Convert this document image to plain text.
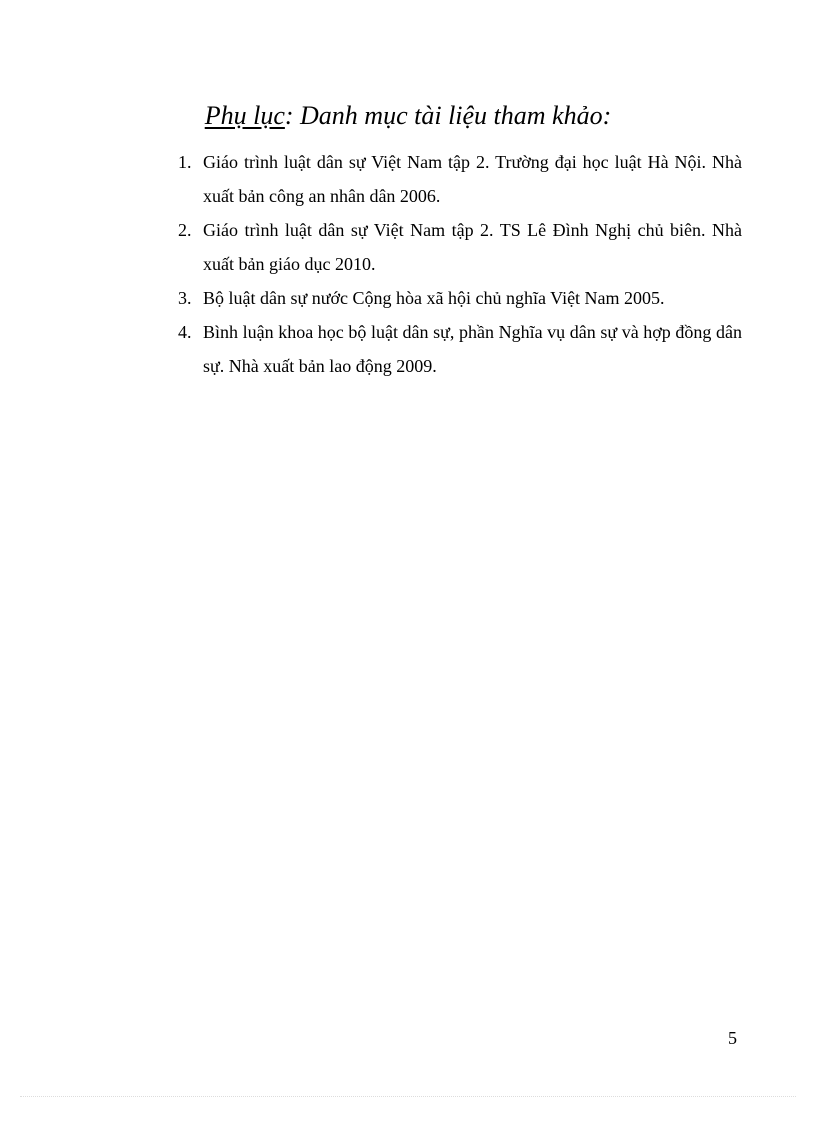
Phụ lục: Danh mục tài liệu tham khảo:
1. Giáo trình luật dân sự Việt Nam tập 2. Trường đại học luật Hà Nội. Nhà xuất bản công an nhân dân 2006.
2. Giáo trình luật dân sự Việt Nam tập 2. TS Lê Đình Nghị chủ biên. Nhà xuất bản giáo dục 2010.
3. Bộ luật dân sự nước Cộng hòa xã hội chủ nghĩa Việt Nam 2005.
4. Bình luận khoa học bộ luật dân sự, phần Nghĩa vụ dân sự và hợp đồng dân sự. Nhà xuất bản lao động 2009.
5
